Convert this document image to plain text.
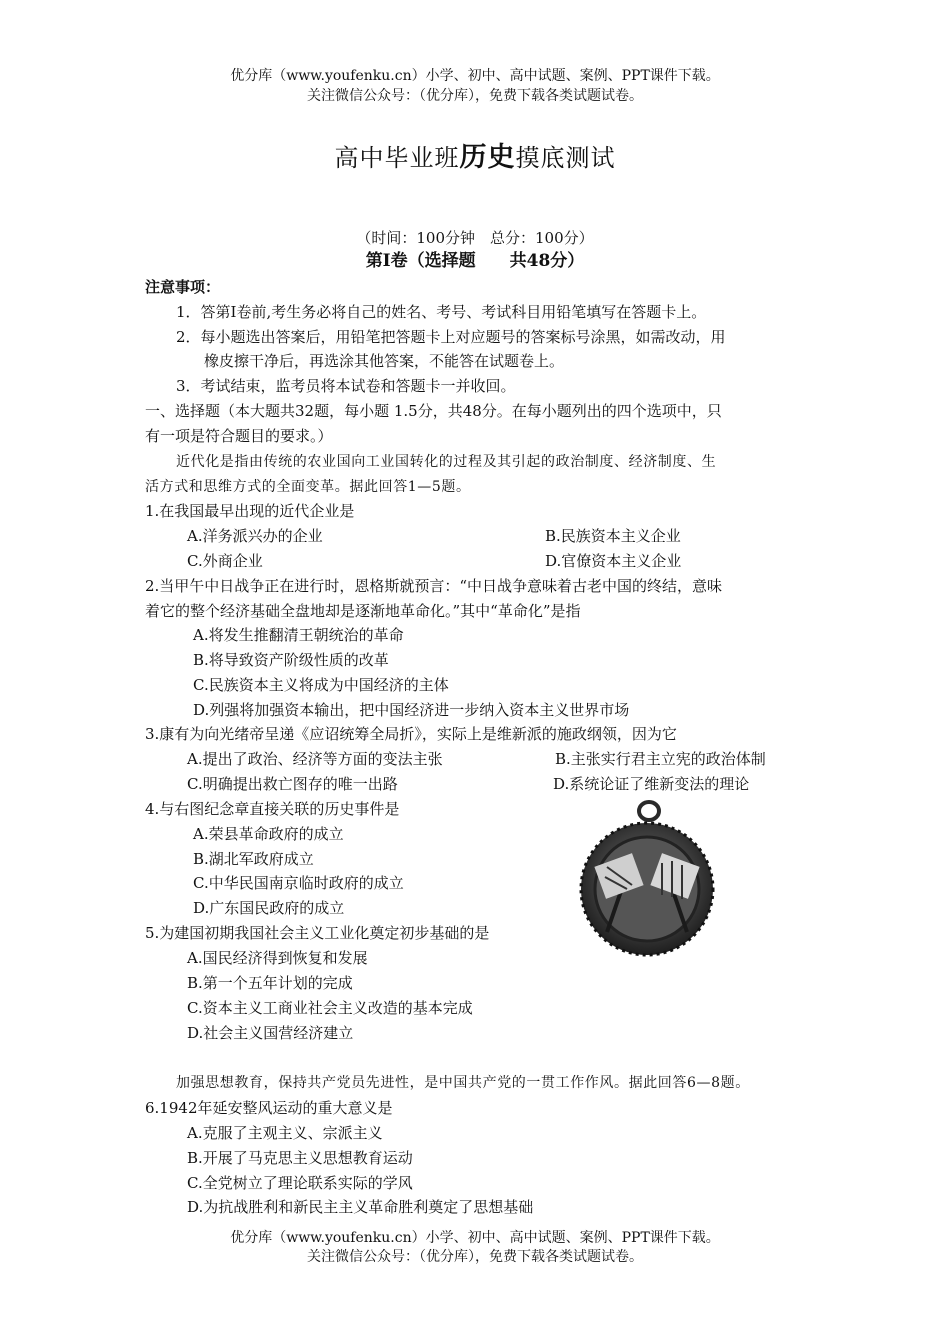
优分库（www.youfenku.cn）小学、初中、高中试题、案例、PPT课件下载。
关注微信公众号：（优分库），免费下载各类试题试卷。
高中毕业班历史摸底测试
（时间：100分钟　总分：100分）
第Ⅰ卷（选择题　　共48分）
注意事项：
1．答第Ⅰ卷前,考生务必将自己的姓名、考号、考试科目用铅笔填写在答题卡上。
2．每小题选出答案后，用铅笔把答题卡上对应题号的答案标号涂黑，如需改动，用
橡皮擦干净后，再选涂其他答案，不能答在试题卷上。
3．考试结束，监考员将本试卷和答题卡一并收回。
一、选择题（本大题共32题，每小题 1.5分，共48分。在每小题列出的四个选项中，只
有一项是符合题目的要求。）
近代化是指由传统的农业国向工业国转化的过程及其引起的政治制度、经济制度、生
活方式和思维方式的全面变革。据此回答1—5题。
1.在我国最早出现的近代企业是
A.洋务派兴办的企业	B.民族资本主义企业
C.外商企业	D.官僚资本主义企业
2.当甲午中日战争正在进行时，恩格斯就预言：“中日战争意味着古老中国的终结，意味
着它的整个经济基础全盘地却是逐渐地革命化。”其中“革命化”是指
A.将发生推翻清王朝统治的革命
B.将导致资产阶级性质的改革
C.民族资本主义将成为中国经济的主体
D.列强将加强资本输出，把中国经济进一步纳入资本主义世界市场
3.康有为向光绪帝呈递《应诏统筹全局折》，实际上是维新派的施政纲领，因为它
A.提出了政治、经济等方面的变法主张	B.主张实行君主立宪的政治体制
C.明确提出救亡图存的唯一出路	D.系统论证了维新变法的理论
4.与右图纪念章直接关联的历史事件是
A.荣县革命政府的成立
B.湖北军政府成立
C.中华民国南京临时政府的成立
D.广东国民政府的成立
5.为建国初期我国社会主义工业化奠定初步基础的是
A.国民经济得到恢复和发展
B.第一个五年计划的完成
C.资本主义工商业社会主义改造的基本完成
D.社会主义国营经济建立
加强思想教育，保持共产党员先进性，是中国共产党的一贯工作作风。据此回答6—8题。
6.1942年延安整风运动的重大意义是
A.克服了主观主义、宗派主义
B.开展了马克思主义思想教育运动
C.全党树立了理论联系实际的学风
D.为抗战胜利和新民主主义革命胜利奠定了思想基础
优分库（www.youfenku.cn）小学、初中、高中试题、案例、PPT课件下载。
关注微信公众号：（优分库），免费下载各类试题试卷。
